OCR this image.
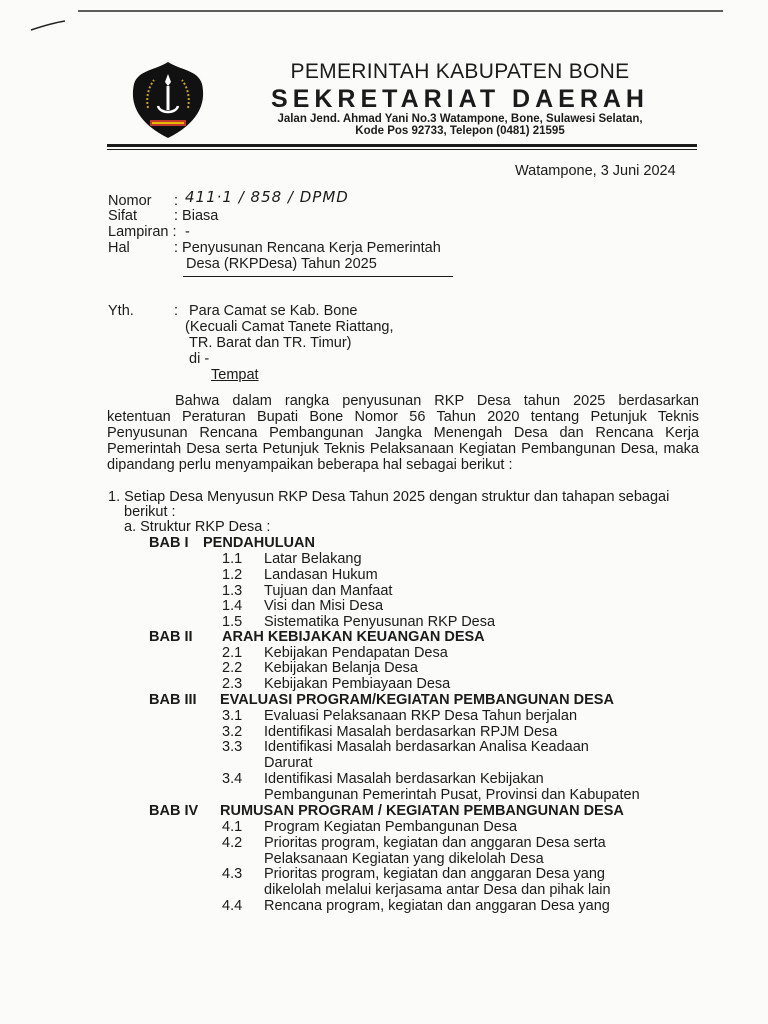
PEMERINTAH KABUPATEN BONE
SEKRETARIAT DAERAH
Jalan Jend. Ahmad Yani No.3 Watampone, Bone, Sulawesi Selatan,
Kode Pos 92733, Telepon (0481) 21595
Watampone, 3 Juni 2024
Nomor : 411·1 / 858 / DPMD
Sifat	: Biasa
Lampiran : -
Hal	: Penyusunan Rencana Kerja Pemerintah
Desa (RKPDesa) Tahun 2025
Yth.	: Para Camat se Kab. Bone
(Kecuali Camat Tanete Riattang,
TR. Barat dan TR. Timur)
di -
Tempat
Bahwa dalam rangka penyusunan RKP Desa tahun 2025 berdasarkan
ketentuan Peraturan Bupati Bone Nomor 56 Tahun 2020 tentang Petunjuk Teknis
Penyusunan Rencana Pembangunan Jangka Menengah Desa dan Rencana Kerja
Pemerintah Desa serta Petunjuk Teknis Pelaksanaan Kegiatan Pembangunan Desa, maka
dipandang perlu menyampaikan beberapa hal sebagai berikut :
1. Setiap Desa Menyusun RKP Desa Tahun 2025 dengan struktur dan tahapan sebagai
berikut :
a. Struktur RKP Desa :
BAB I PENDAHULUAN
1.1 Latar Belakang
1.2 Landasan Hukum
1.3 Tujuan dan Manfaat
1.4 Visi dan Misi Desa
1.5 Sistematika Penyusunan RKP Desa
BAB II ARAH KEBIJAKAN KEUANGAN DESA
2.1 Kebijakan Pendapatan Desa
2.2 Kebijakan Belanja Desa
2.3 Kebijakan Pembiayaan Desa
BAB III EVALUASI PROGRAM/KEGIATAN PEMBANGUNAN DESA
3.1 Evaluasi Pelaksanaan RKP Desa Tahun berjalan
3.2 Identifikasi Masalah berdasarkan RPJM Desa
3.3 Identifikasi Masalah berdasarkan Analisa Keadaan
Darurat
3.4 Identifikasi Masalah berdasarkan Kebijakan
Pembangunan Pemerintah Pusat, Provinsi dan Kabupaten
BAB IV RUMUSAN PROGRAM / KEGIATAN PEMBANGUNAN DESA
4.1 Program Kegiatan Pembangunan Desa
4.2 Prioritas program, kegiatan dan anggaran Desa serta
Pelaksanaan Kegiatan yang dikelolah Desa
4.3 Prioritas program, kegiatan dan anggaran Desa yang
dikelolah melalui kerjasama antar Desa dan pihak lain
4.4 Rencana program, kegiatan dan anggaran Desa yang
